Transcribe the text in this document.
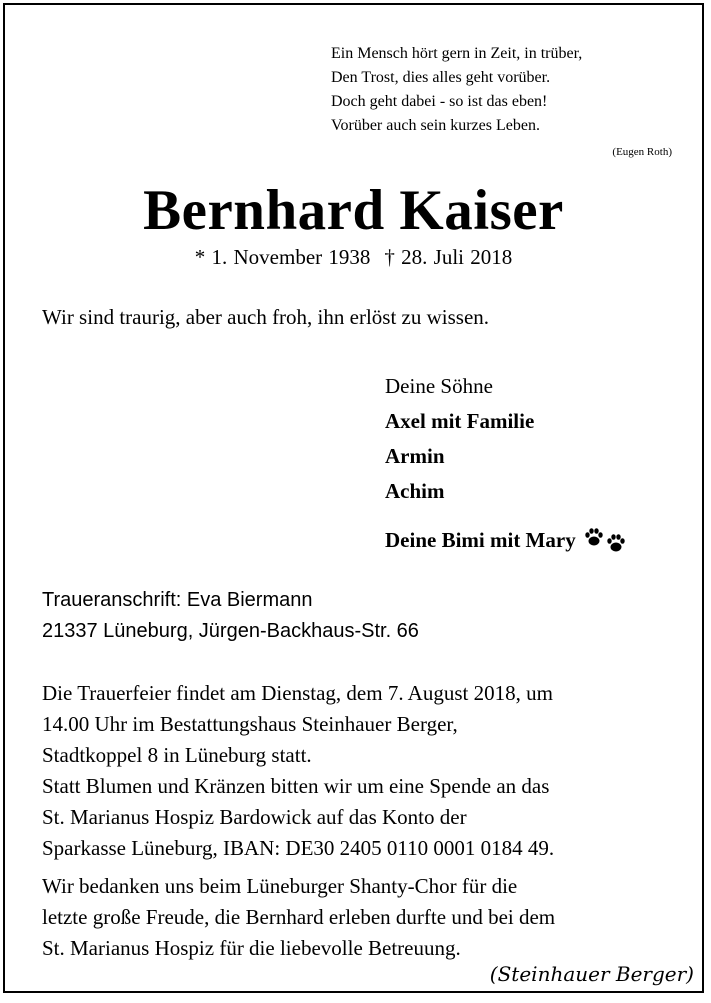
Ein Mensch hört gern in Zeit, in trüber,
Den Trost, dies alles geht vorüber.
Doch geht dabei - so ist das eben!
Vorüber auch sein kurzes Leben.
(Eugen Roth)
Bernhard Kaiser
* 1. November 1938 † 28. Juli 2018
Wir sind traurig, aber auch froh, ihn erlöst zu wissen.
Deine Söhne
Axel mit Familie
Armin
Achim
Deine Bimi mit Mary
Traueranschrift: Eva Biermann
21337 Lüneburg, Jürgen-Backhaus-Str. 66
Die Trauerfeier findet am Dienstag, dem 7. August 2018, um
14.00 Uhr im Bestattungshaus Steinhauer Berger,
Stadtkoppel 8 in Lüneburg statt.
Statt Blumen und Kränzen bitten wir um eine Spende an das
St. Marianus Hospiz Bardowick auf das Konto der
Sparkasse Lüneburg, IBAN: DE30 2405 0110 0001 0184 49.
Wir bedanken uns beim Lüneburger Shanty-Chor für die
letzte große Freude, die Bernhard erleben durfte und bei dem
St. Marianus Hospiz für die liebevolle Betreuung.
(Steinhauer Berger)
